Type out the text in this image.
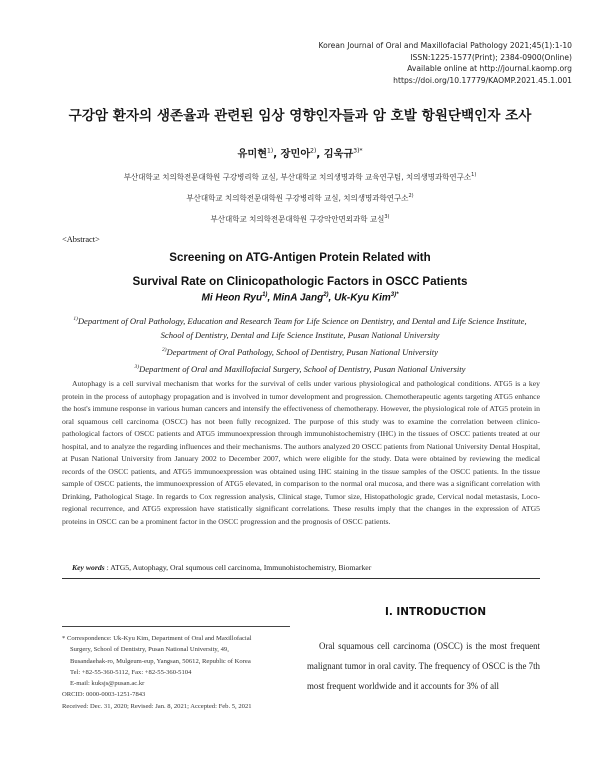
Korean Journal of Oral and Maxillofacial Pathology 2021;45(1):1-10
ISSN:1225-1577(Print); 2384-0900(Online)
Available online at http://journal.kaomp.org
https://doi.org/10.17779/KAOMP.2021.45.1.001
구강암 환자의 생존율과 관련된 임상 영향인자들과 암 호발 항원단백인자 조사
유미현$^{1)}$, 장민아$^{2)}$, 김욱규$^{3)*}$
부산대학교 치의학전문대학원 구강병리학 교실, 부산대학교 치의생명과학 교육연구팀, 치의생명과학연구소$^{1)}$
부산대학교 치의학전문대학원 구강병리학 교실, 치의생명과학연구소$^{2)}$
부산대학교 치의학전문대학원 구강악안면외과학 교실$^{3)}$
<Abstract>
Screening on ATG-Antigen Protein Related with
Survival Rate on Clinicopathologic Factors in OSCC Patients
Mi Heon Ryu$^{1)}$, MinA Jang$^{2)}$, Uk-Kyu Kim$^{3)*}$
$^{1)}$Department of Oral Pathology, Education and Research Team for Life Science on Dentistry, and Dental and Life Science Institute, School of Dentistry, Dental and Life Science Institute, Pusan National University
$^{2)}$Department of Oral Pathology, School of Dentistry, Pusan National University
$^{3)}$Department of Oral and Maxillofacial Surgery, School of Dentistry, Pusan National University

Autophagy is a cell survival mechanism that works for the survival of cells under various physiological and pathological conditions. ATG5 is a key protein in the process of autophagy propagation and is involved in tumor development and progression. Chemotherapeutic agents targeting ATG5 enhance the host's immune response in various human cancers and intensify the effectiveness of chemotherapy. However, the physiological role of ATG5 protein in oral squamous cell carcinoma (OSCC) has not been fully recognized. The purpose of this study was to examine the correlation between clinico-pathological factors of OSCC patients and ATG5 immunoexpression through immunohistochemistry (IHC) in the tissues of OSCC patients treated at our hospital, and to analyze the regarding influences and their mechanisms. The authors analyzed 20 OSCC patients from National University Dental Hospital, at Pusan National University from January 2002 to December 2007, which were eligible for the study. Data were obtained by reviewing the medical records of the OSCC patients, and ATG5 immunoexpression was obtained using IHC staining in the tissue samples of the OSCC patients. In the tissue sample of OSCC patients, the immunoexpression of ATG5 elevated, in comparison to the normal oral mucosa, and there was a significant correlation with Drinking, Pathological Stage. In regards to Cox regression analysis, Clinical stage, Tumor size, Histopathologic grade, Cervical nodal metastasis, Loco-regional recurrence, and ATG5 expression have statistically significant correlations. These results imply that the changes in the expression of ATG5 proteins in OSCC can be a prominent factor in the OSCC progression and the prognosis of OSCC patients.

Key words : ATG5, Autophagy, Oral squmous cell carcinoma, Immunohistochemistry, Biomarker
* Correspondence: Uk-Kyu Kim, Department of Oral and Maxillofacial
Surgery, School of Dentistry, Pusan National University, 49,
Busandaehak-ro, Mulgeum-eup, Yangsan, 50612, Republic of Korea
Tel: +82-55-360-5112, Fax: +82-55-360-5104
E-mail: kuksjs@pusan.ac.kr
ORCID: 0000-0003-1251-7843
Received: Dec. 31, 2020; Revised: Jan. 8, 2021; Accepted: Feb. 5, 2021
I. INTRODUCTION

Oral squamous cell carcinoma (OSCC) is the most frequent malignant tumor in oral cavity. The frequency of OSCC is the 7th most frequent worldwide and it accounts for 3% of all
